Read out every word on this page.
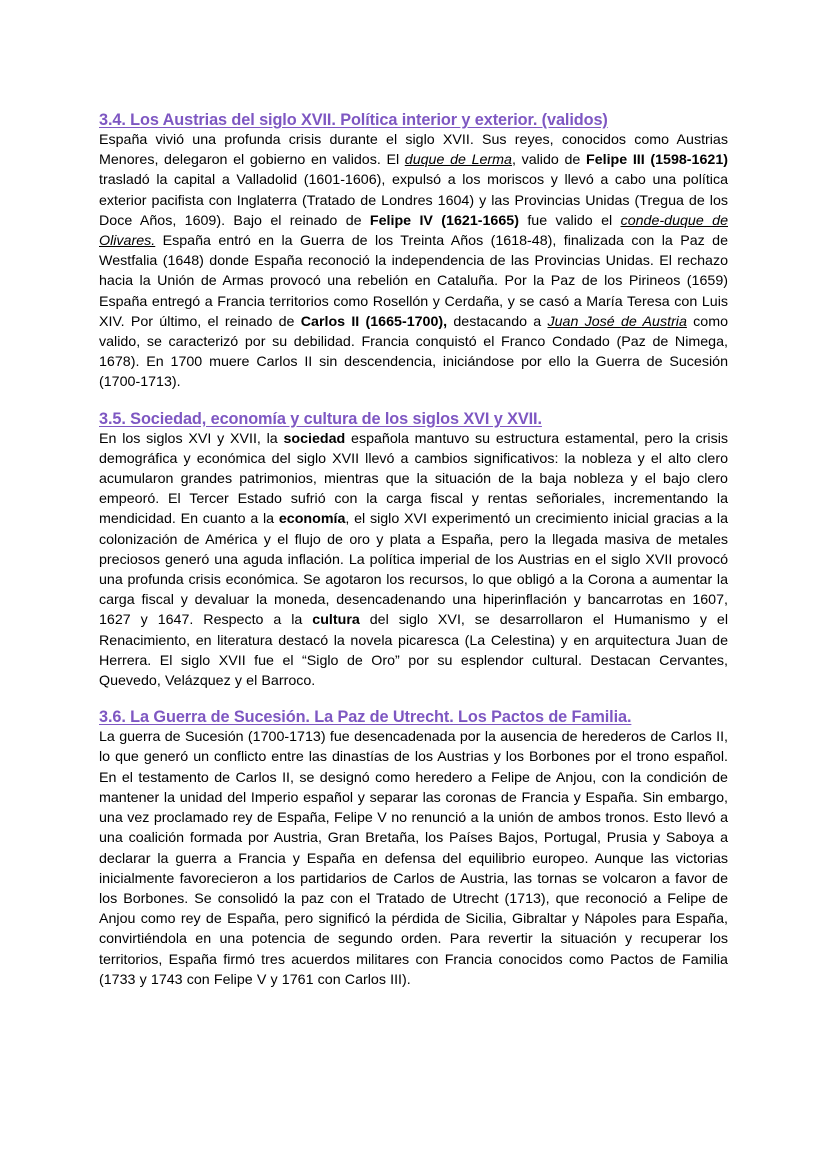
3.4. Los Austrias del siglo XVII. Política interior y exterior. (validos)

España vivió una profunda crisis durante el siglo XVII. Sus reyes, conocidos como Austrias Menores, delegaron el gobierno en validos. El duque de Lerma, valido de Felipe III (1598-1621) trasladó la capital a Valladolid (1601-1606), expulsó a los moriscos y llevó a cabo una política exterior pacifista con Inglaterra (Tratado de Londres 1604) y las Provincias Unidas (Tregua de los Doce Años, 1609). Bajo el reinado de Felipe IV (1621-1665) fue valido el conde-duque de Olivares. España entró en la Guerra de los Treinta Años (1618-48), finalizada con la Paz de Westfalia (1648) donde España reconoció la independencia de las Provincias Unidas. El rechazo hacia la Unión de Armas provocó una rebelión en Cataluña. Por la Paz de los Pirineos (1659) España entregó a Francia territorios como Rosellón y Cerdaña, y se casó a María Teresa con Luis XIV. Por último, el reinado de Carlos II (1665-1700), destacando a Juan José de Austria como valido, se caracterizó por su debilidad. Francia conquistó el Franco Condado (Paz de Nimega, 1678). En 1700 muere Carlos II sin descendencia, iniciándose por ello la Guerra de Sucesión (1700-1713).

3.5. Sociedad, economía y cultura de los siglos XVI y XVII.

En los siglos XVI y XVII, la sociedad española mantuvo su estructura estamental, pero la crisis demográfica y económica del siglo XVII llevó a cambios significativos: la nobleza y el alto clero acumularon grandes patrimonios, mientras que la situación de la baja nobleza y el bajo clero empeoró. El Tercer Estado sufrió con la carga fiscal y rentas señoriales, incrementando la mendicidad. En cuanto a la economía, el siglo XVI experimentó un crecimiento inicial gracias a la colonización de América y el flujo de oro y plata a España, pero la llegada masiva de metales preciosos generó una aguda inflación. La política imperial de los Austrias en el siglo XVII provocó una profunda crisis económica. Se agotaron los recursos, lo que obligó a la Corona a aumentar la carga fiscal y devaluar la moneda, desencadenando una hiperinflación y bancarrotas en 1607, 1627 y 1647. Respecto a la cultura del siglo XVI, se desarrollaron el Humanismo y el Renacimiento, en literatura destacó la novela picaresca (La Celestina) y en arquitectura Juan de Herrera. El siglo XVII fue el “Siglo de Oro” por su esplendor cultural. Destacan Cervantes, Quevedo, Velázquez y el Barroco.

3.6. La Guerra de Sucesión. La Paz de Utrecht. Los Pactos de Familia.

La guerra de Sucesión (1700-1713) fue desencadenada por la ausencia de herederos de Carlos II, lo que generó un conflicto entre las dinastías de los Austrias y los Borbones por el trono español. En el testamento de Carlos II, se designó como heredero a Felipe de Anjou, con la condición de mantener la unidad del Imperio español y separar las coronas de Francia y España. Sin embargo, una vez proclamado rey de España, Felipe V no renunció a la unión de ambos tronos. Esto llevó a una coalición formada por Austria, Gran Bretaña, los Países Bajos, Portugal, Prusia y Saboya a declarar la guerra a Francia y España en defensa del equilibrio europeo. Aunque las victorias inicialmente favorecieron a los partidarios de Carlos de Austria, las tornas se volcaron a favor de los Borbones. Se consolidó la paz con el Tratado de Utrecht (1713), que reconoció a Felipe de Anjou como rey de España, pero significó la pérdida de Sicilia, Gibraltar y Nápoles para España, convirtiéndola en una potencia de segundo orden. Para revertir la situación y recuperar los territorios, España firmó tres acuerdos militares con Francia conocidos como Pactos de Familia (1733 y 1743 con Felipe V y 1761 con Carlos III).
